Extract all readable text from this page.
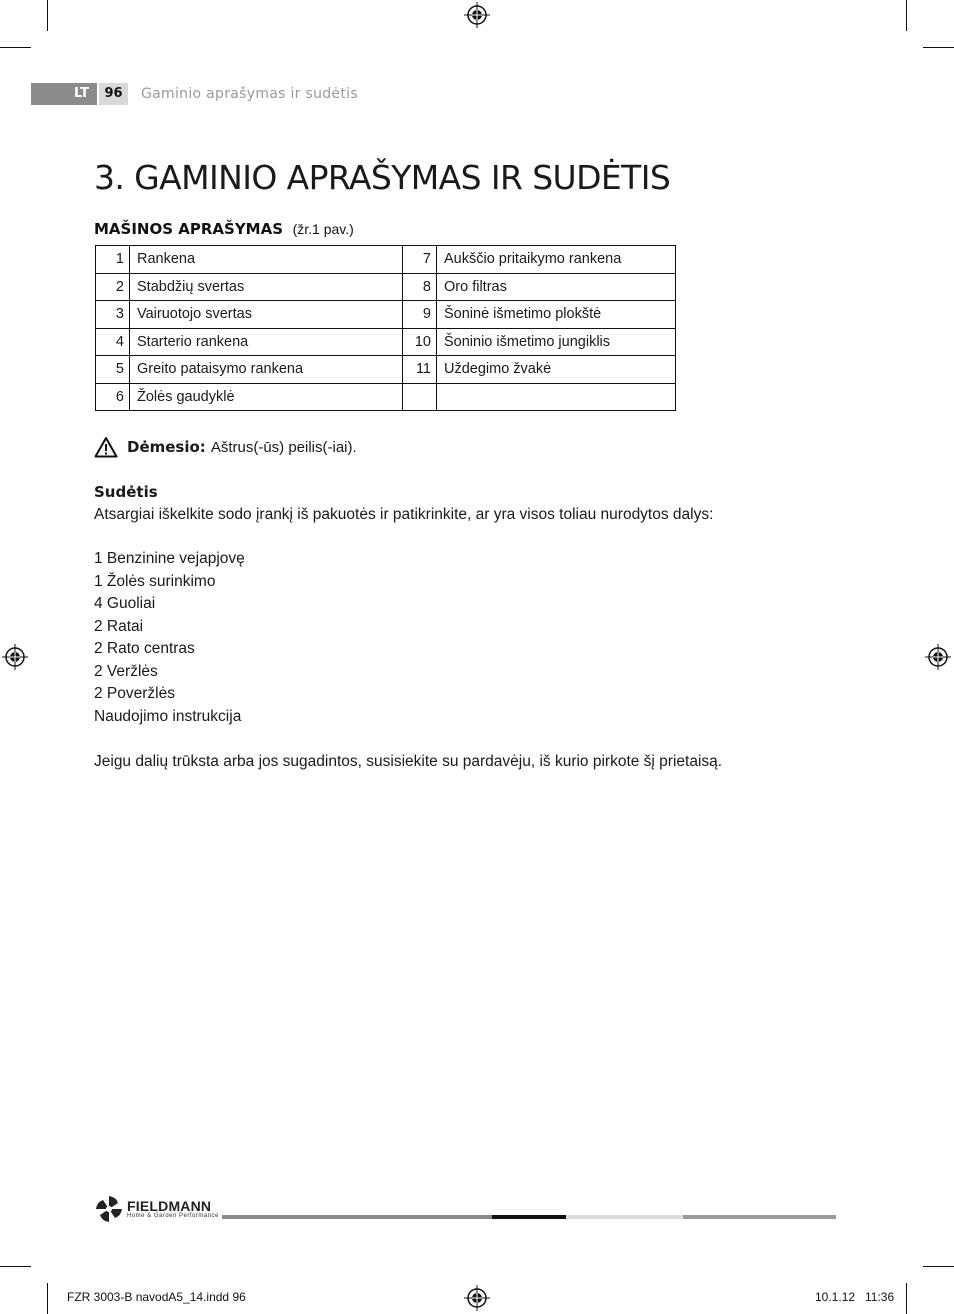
LT	96	Gaminio aprašymas ir sudėtis
3. GAMINIO APRAŠYMAS IR SUDĖTIS
MAŠINOS APRAŠYMAS (žr.1 pav.)
1	Rankena	7	Aukščio pritaikymo rankena
2	Stabdžių svertas	8	Oro filtras
3	Vairuotojo svertas	9	Šoninė išmetimo plokštė
4	Starterio rankena	10	Šoninio išmetimo jungiklis
5	Greito pataisymo rankena	11	Uždegimo žvakė
6	Žolės gaudyklė		
Dėmesio: Aštrus(-ūs) peilis(-iai).
Sudėtis
Atsargiai iškelkite sodo įrankį iš pakuotės ir patikrinkite, ar yra visos toliau nurodytos dalys:
1 Benzinine vejapjovę
1 Žolės surinkimo
4 Guoliai
2 Ratai
2 Rato centras
2 Veržlės
2 Poveržlės
Naudojimo instrukcija
Jeigu dalių trūksta arba jos sugadintos, susisiekite su pardavėju, iš kurio pirkote šį prietaisą.
FIELDMANN
Home & Garden Performance
FZR 3003-B navodA5_14.indd 96	10.1.12 11:36
